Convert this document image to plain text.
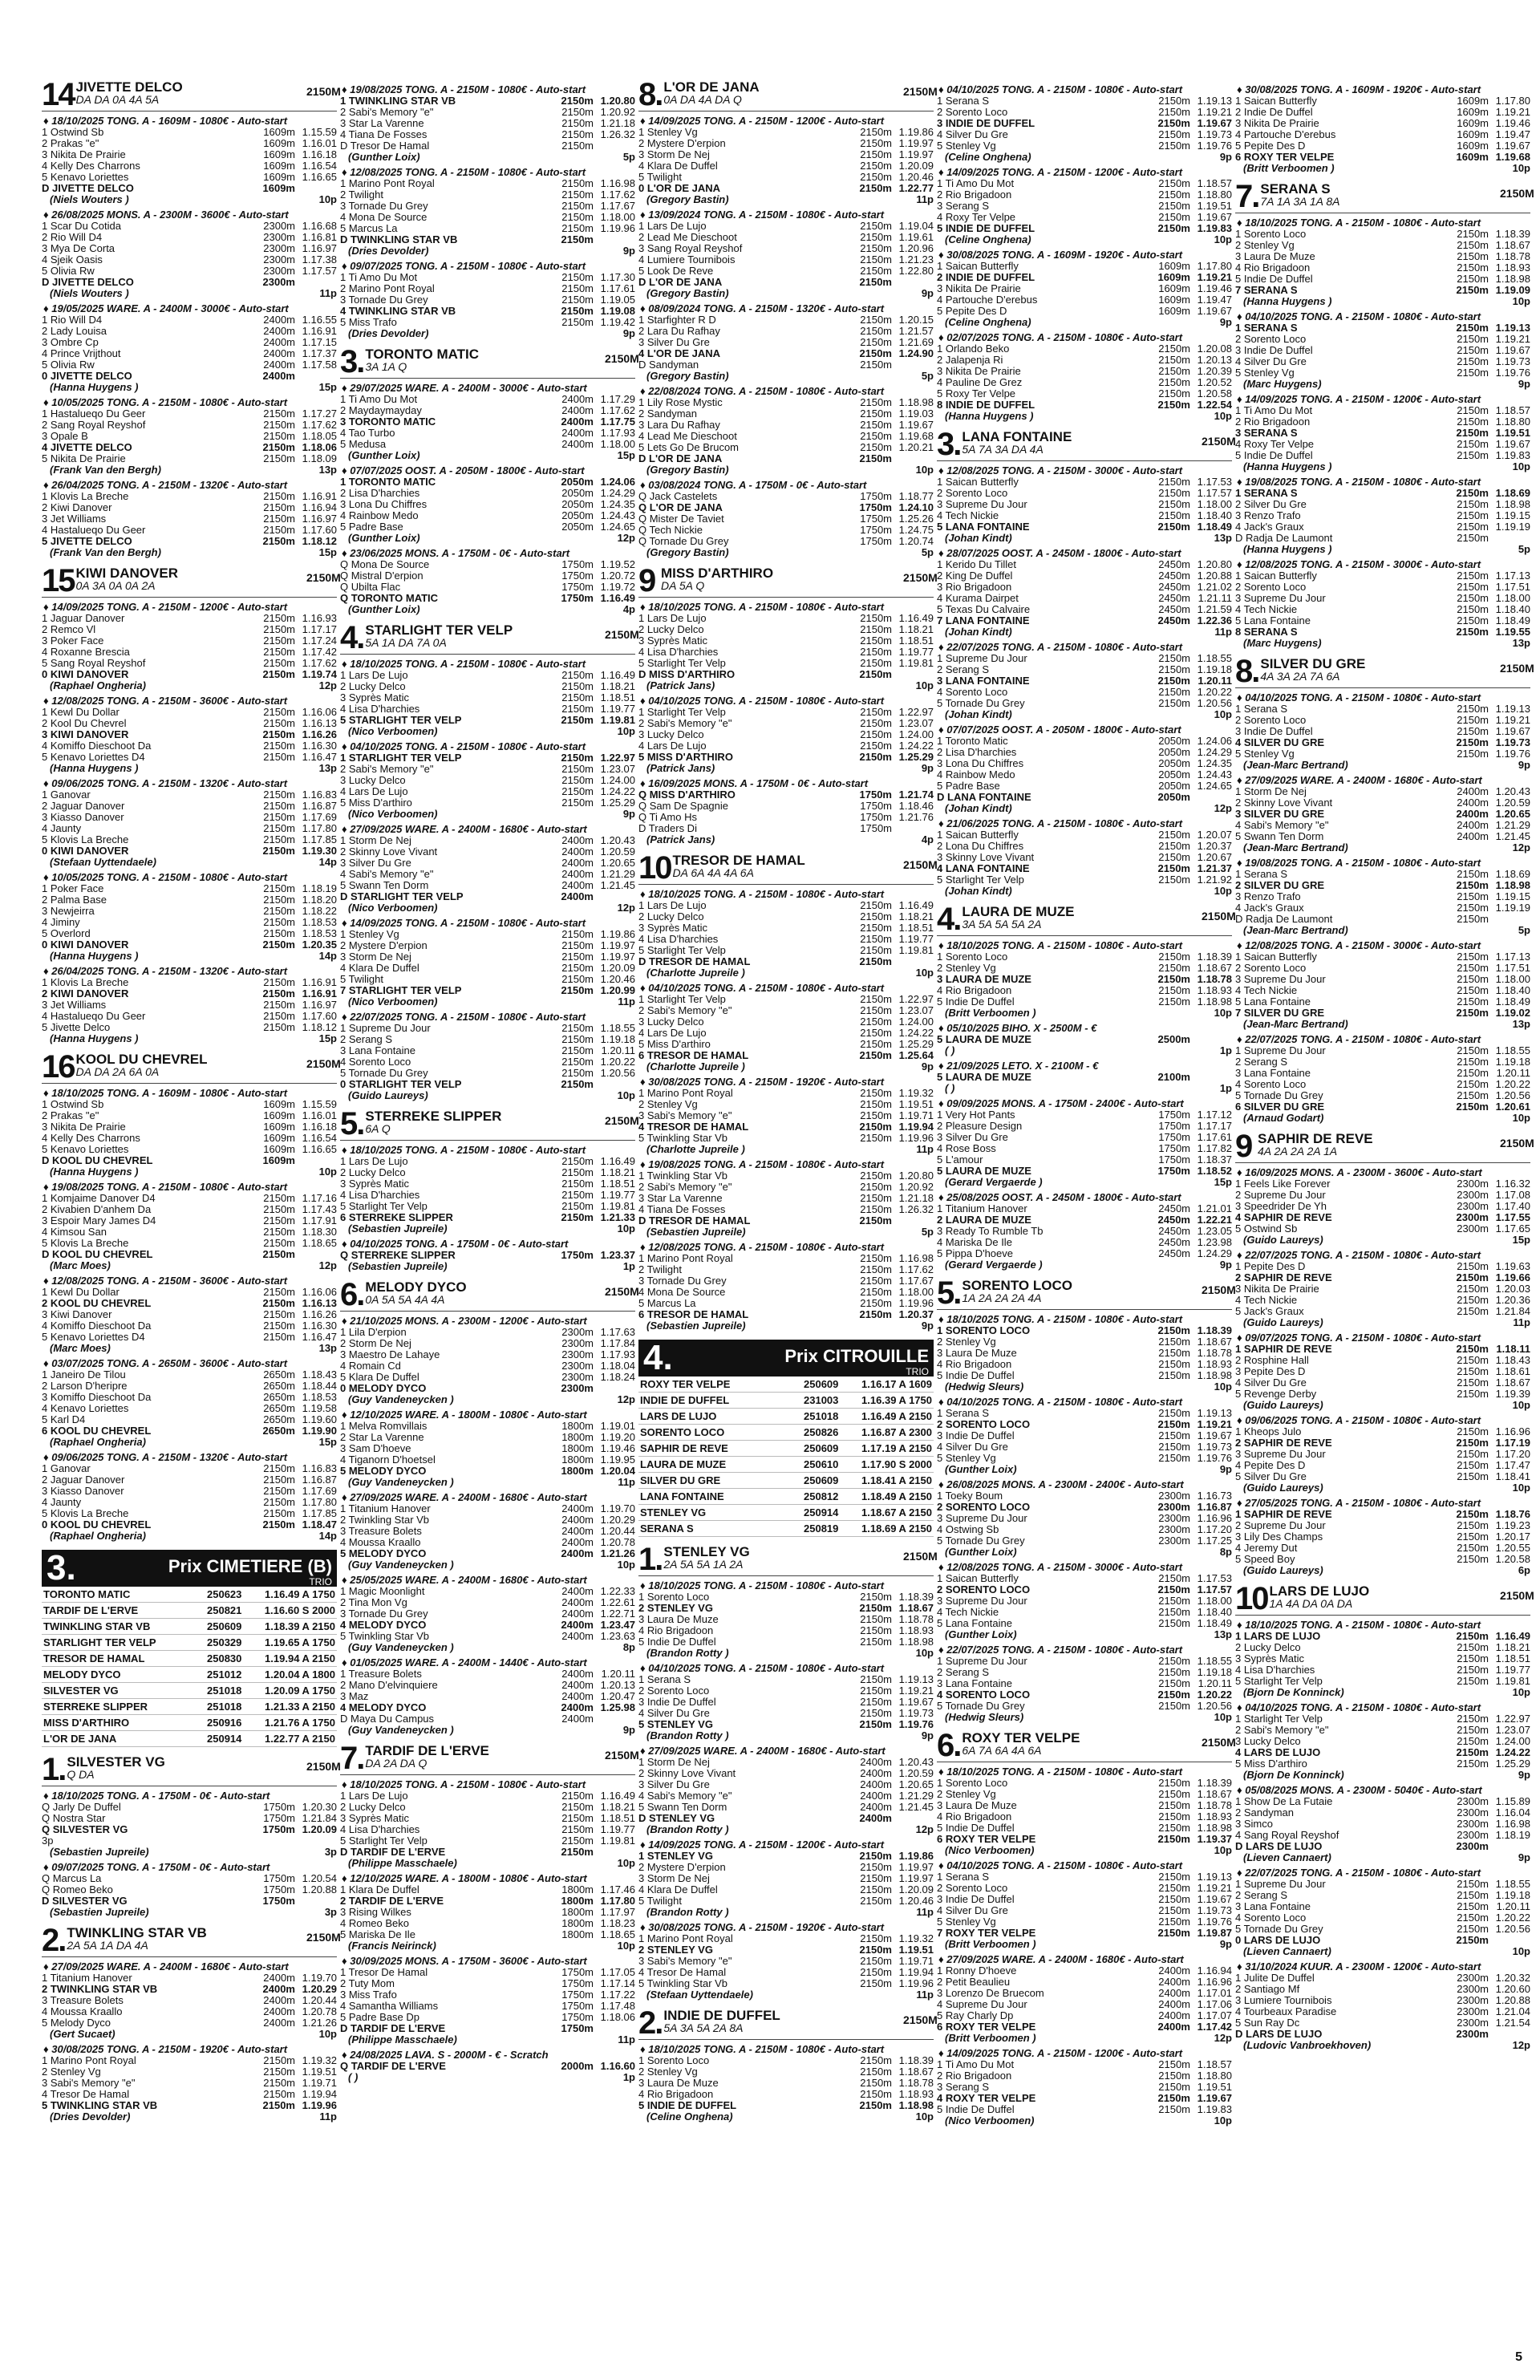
14 JIVETTE DELCO
DA DA 0A 4A 5A
2150M
♦ 18/10/2025 TONG. A - 1609M - 1080€ - Auto-start
1 Ostwind Sb	1609m 1.15.59
2 Prakas "e"	1609m 1.16.01
3 Nikita De Prairie	1609m 1.16.18
4 Kelly Des Charrons	1609m 1.16.54
5 Kenavo Loriettes	1609m 1.16.65
D JIVETTE DELCO	1609m
(Niels Wouters )	10p
♦ 26/08/2025 MONS. A - 2300M - 3600€ - Auto-start
1 Scar Du Cotida	2300m 1.16.68
2 Rio Will D4	2300m 1.16.81
3 Mya De Corta	2300m 1.16.97
4 Sjeik Oasis	2300m 1.17.38
5 Olivia Rw	2300m 1.17.57
D JIVETTE DELCO	2300m
(Niels Wouters )	11p
♦ 19/05/2025 WARE. A - 2400M - 3000€ - Auto-start
1 Rio Will D4	2400m 1.16.55
2 Lady Louisa	2400m 1.16.91
3 Ombre Cp	2400m 1.17.15
4 Prince Vrijthout	2400m 1.17.37
5 Olivia Rw	2400m 1.17.58
0 JIVETTE DELCO	2400m
(Hanna Huygens )	15p
♦ 10/05/2025 TONG. A - 2150M - 1080€ - Auto-start
1 Hastalueqo Du Geer	2150m 1.17.27
2 Sang Royal Reyshof	2150m 1.17.62
3 Opale B	2150m 1.18.05
4 JIVETTE DELCO	2150m 1.18.06
5 Nikita De Prairie	2150m 1.18.09
(Frank Van den Bergh)	13p
♦ 26/04/2025 TONG. A - 2150M - 1320€ - Auto-start
1 Klovis La Breche	2150m 1.16.91
2 Kiwi Danover	2150m 1.16.94
3 Jet Williams	2150m 1.16.97
4 Hastalueqo Du Geer	2150m 1.17.60
5 JIVETTE DELCO	2150m 1.18.12
(Frank Van den Bergh)	15p
15 KIWI DANOVER
0A 3A 0A 0A 2A
2150M
♦ 14/09/2025 TONG. A - 2150M - 1200€ - Auto-start
1 Jaguar Danover	2150m 1.16.93
2 Remco Vl	2150m 1.17.17
3 Poker Face	2150m 1.17.24
4 Roxanne Brescia	2150m 1.17.42
5 Sang Royal Reyshof	2150m 1.17.62
0 KIWI DANOVER	2150m 1.19.74
(Raphael Ongheria)	12p
♦ 12/08/2025 TONG. A - 2150M - 3600€ - Auto-start
1 Kewl Du Dollar	2150m 1.16.06
2 Kool Du Chevrel	2150m 1.16.13
3 KIWI DANOVER	2150m 1.16.26
4 Komiffo Dieschoot Da	2150m 1.16.30
5 Kenavo Loriettes D4	2150m 1.16.47
(Hanna Huygens )	13p
♦ 09/06/2025 TONG. A - 2150M - 1320€ - Auto-start
1 Ganovar	2150m 1.16.83
2 Jaguar Danover	2150m 1.16.87
3 Kiasso Danover	2150m 1.17.69
4 Jaunty	2150m 1.17.80
5 Klovis La Breche	2150m 1.17.85
0 KIWI DANOVER	2150m 1.19.30
(Stefaan Uyttendaele)	14p
♦ 10/05/2025 TONG. A - 2150M - 1080€ - Auto-start
1 Poker Face	2150m 1.18.19
2 Palma Base	2150m 1.18.20
3 Newjeirra	2150m 1.18.22
4 Jiminy	2150m 1.18.53
5 Overlord	2150m 1.18.53
0 KIWI DANOVER	2150m 1.20.35
(Hanna Huygens )	14p
♦ 26/04/2025 TONG. A - 2150M - 1320€ - Auto-start
1 Klovis La Breche	2150m 1.16.91
2 KIWI DANOVER	2150m 1.16.91
3 Jet Williams	2150m 1.16.97
4 Hastalueqo Du Geer	2150m 1.17.60
5 Jivette Delco	2150m 1.18.12
(Hanna Huygens )	15p
16 KOOL DU CHEVREL
DA DA 2A 6A 0A
2150M
♦ 18/10/2025 TONG. A - 1609M - 1080€ - Auto-start
1 Ostwind Sb	1609m 1.15.59
2 Prakas "e"	1609m 1.16.01
3 Nikita De Prairie	1609m 1.16.18
4 Kelly Des Charrons	1609m 1.16.54
5 Kenavo Loriettes	1609m 1.16.65
D KOOL DU CHEVREL	1609m
(Hanna Huygens )	10p
♦ 19/08/2025 TONG. A - 2150M - 1080€ - Auto-start
1 Komjaime Danover D4	2150m 1.17.16
2 Kivabien D'anhem Da	2150m 1.17.43
3 Espoir Mary James D4	2150m 1.17.91
4 Kimsou San	2150m 1.18.30
5 Klovis La Breche	2150m 1.18.65
D KOOL DU CHEVREL	2150m
(Marc Moes)	12p
♦ 12/08/2025 TONG. A - 2150M - 3600€ - Auto-start
1 Kewl Du Dollar	2150m 1.16.06
2 KOOL DU CHEVREL	2150m 1.16.13
3 Kiwi Danover	2150m 1.16.26
4 Komiffo Dieschoot Da	2150m 1.16.30
5 Kenavo Loriettes D4	2150m 1.16.47
(Marc Moes)	13p
♦ 03/07/2025 TONG. A - 2650M - 3600€ - Auto-start
1 Janeiro De Tilou	2650m 1.18.43
2 Larson D'heripre	2650m 1.18.44
3 Komiffo Dieschoot Da	2650m 1.18.53
4 Kenavo Loriettes	2650m 1.19.58
5 Karl D4	2650m 1.19.60
6 KOOL DU CHEVREL	2650m 1.19.90
(Raphael Ongheria)	15p
♦ 09/06/2025 TONG. A - 2150M - 1320€ - Auto-start
1 Ganovar	2150m 1.16.83
2 Jaguar Danover	2150m 1.16.87
3 Kiasso Danover	2150m 1.17.69
4 Jaunty	2150m 1.17.80
5 Klovis La Breche	2150m 1.17.85
0 KOOL DU CHEVREL	2150m 1.18.47
(Raphael Ongheria)	14p
3.	Prix CIMETIERE (B)
TRIO
TORONTO MATIC	250623	1.16.49 A 1750
TARDIF DE L'ERVE	250821	1.16.60 S 2000
TWINKLING STAR VB	250609	1.18.39 A 2150
STARLIGHT TER VELP	250329	1.19.65 A 1750
TRESOR DE HAMAL	250830	1.19.94 A 2150
MELODY DYCO	251012	1.20.04 A 1800
SILVESTER VG	251018	1.20.09 A 1750
STERREKE SLIPPER	251018	1.21.33 A 2150
MISS D'ARTHIRO	250916	1.21.76 A 1750
L'OR DE JANA	250914	1.22.77 A 2150
1. SILVESTER VG
Q DA
2150M
♦ 18/10/2025 TONG. A - 1750M - 0€ - Auto-start
Q Jarly De Duffel	1750m 1.20.30
Q Nostra Star	1750m 1.21.84
Q SILVESTER VG	1750m 1.20.09
3p
(Sebastien Jupreile)	3p
♦ 09/07/2025 TONG. A - 1750M - 0€ - Auto-start
Q Marcus La	1750m 1.20.54
Q Romeo Beko	1750m 1.20.88
D SILVESTER VG	1750m
(Sebastien Jupreile)	3p
2. TWINKLING STAR VB
2A 5A 1A DA 4A
2150M
♦ 27/09/2025 WARE. A - 2400M - 1680€ - Auto-start
1 Titanium Hanover	2400m 1.19.70
2 TWINKLING STAR VB	2400m 1.20.29
3 Treasure Bolets	2400m 1.20.44
4 Moussa Kraallo	2400m 1.20.78
5 Melody Dyco	2400m 1.21.26
(Gert Sucaet)	10p
♦ 30/08/2025 TONG. A - 2150M - 1920€ - Auto-start
1 Marino Pont Royal	2150m 1.19.32
2 Stenley Vg	2150m 1.19.51
3 Sabi's Memory "e"	2150m 1.19.71
4 Tresor De Hamal	2150m 1.19.94
5 TWINKLING STAR VB	2150m 1.19.96
(Dries Devolder)	11p
♦ 19/08/2025 TONG. A - 2150M - 1080€ - Auto-start
1 TWINKLING STAR VB	2150m 1.20.80
2 Sabi's Memory "e"	2150m 1.20.92
3 Star La Varenne	2150m 1.21.18
4 Tiana De Fosses	2150m 1.26.32
D Tresor De Hamal	2150m
(Gunther Loix)	5p
♦ 12/08/2025 TONG. A - 2150M - 1080€ - Auto-start
1 Marino Pont Royal	2150m 1.16.98
2 Twilight	2150m 1.17.62
3 Tornade Du Grey	2150m 1.17.67
4 Mona De Source	2150m 1.18.00
5 Marcus La	2150m 1.19.96
D TWINKLING STAR VB	2150m
(Dries Devolder)	9p
♦ 09/07/2025 TONG. A - 2150M - 1080€ - Auto-start
1 Ti Amo Du Mot	2150m 1.17.30
2 Marino Pont Royal	2150m 1.17.61
3 Tornade Du Grey	2150m 1.19.05
4 TWINKLING STAR VB	2150m 1.19.08
5 Miss Trafo	2150m 1.19.42
(Dries Devolder)	9p
3. TORONTO MATIC
3A 1A Q
2150M
♦ 29/07/2025 WARE. A - 2400M - 3000€ - Auto-start
1 Ti Amo Du Mot	2400m 1.17.29
2 Maydaymayday	2400m 1.17.62
3 TORONTO MATIC	2400m 1.17.75
4 Tao Turbo	2400m 1.17.93
5 Medusa	2400m 1.18.00
(Gunther Loix)	15p
♦ 07/07/2025 OOST. A - 2050M - 1800€ - Auto-start
1 TORONTO MATIC	2050m 1.24.06
2 Lisa D'harchies	2050m 1.24.29
3 Lona Du Chiffres	2050m 1.24.35
4 Rainbow Medo	2050m 1.24.43
5 Padre Base	2050m 1.24.65
(Gunther Loix)	12p
♦ 23/06/2025 MONS. A - 1750M - 0€ - Auto-start
Q Mona De Source	1750m 1.19.52
Q Mistral D'erpion	1750m 1.20.72
Q Ubilta Flac	1750m 1.19.72
Q TORONTO MATIC	1750m 1.16.49
(Gunther Loix)	4p
4. STARLIGHT TER VELP
5A 1A DA 7A 0A
2150M
♦ 18/10/2025 TONG. A - 2150M - 1080€ - Auto-start
1 Lars De Lujo	2150m 1.16.49
2 Lucky Delco	2150m 1.18.21
3 Syprès Matic	2150m 1.18.51
4 Lisa D'harchies	2150m 1.19.77
5 STARLIGHT TER VELP	2150m 1.19.81
(Nico Verboomen)	10p
♦ 04/10/2025 TONG. A - 2150M - 1080€ - Auto-start
1 STARLIGHT TER VELP	2150m 1.22.97
2 Sabi's Memory "e"	2150m 1.23.07
3 Lucky Delco	2150m 1.24.00
4 Lars De Lujo	2150m 1.24.22
5 Miss D'arthiro	2150m 1.25.29
(Nico Verboomen)	9p
♦ 27/09/2025 WARE. A - 2400M - 1680€ - Auto-start
1 Storm De Nej	2400m 1.20.43
2 Skinny Love Vivant	2400m 1.20.59
3 Silver Du Gre	2400m 1.20.65
4 Sabi's Memory "e"	2400m 1.21.29
5 Swann Ten Dorm	2400m 1.21.45
D STARLIGHT TER VELP	2400m
(Nico Verboomen)	12p
♦ 14/09/2025 TONG. A - 2150M - 1080€ - Auto-start
1 Stenley Vg	2150m 1.19.86
2 Mystere D'erpion	2150m 1.19.97
3 Storm De Nej	2150m 1.19.97
4 Klara De Duffel	2150m 1.20.09
5 Twilight	2150m 1.20.46
7 STARLIGHT TER VELP	2150m 1.20.99
(Nico Verboomen)	11p
♦ 22/07/2025 TONG. A - 2150M - 1080€ - Auto-start
1 Supreme Du Jour	2150m 1.18.55
2 Serang S	2150m 1.19.18
3 Lana Fontaine	2150m 1.20.11
4 Sorento Loco	2150m 1.20.22
5 Tornade Du Grey	2150m 1.20.56
0 STARLIGHT TER VELP	2150m
(Guido Laureys)	10p
5. STERREKE SLIPPER
6A Q
2150M
♦ 18/10/2025 TONG. A - 2150M - 1080€ - Auto-start
1 Lars De Lujo	2150m 1.16.49
2 Lucky Delco	2150m 1.18.21
3 Syprès Matic	2150m 1.18.51
4 Lisa D'harchies	2150m 1.19.77
5 Starlight Ter Velp	2150m 1.19.81
6 STERREKE SLIPPER	2150m 1.21.33
(Sebastien Jupreile)	10p
♦ 04/10/2025 TONG. A - 1750M - 0€ - Auto-start
Q STERREKE SLIPPER	1750m 1.23.37
(Sebastien Jupreile)	1p
6. MELODY DYCO
0A 5A 5A 4A 4A
2150M
♦ 21/10/2025 MONS. A - 2300M - 1200€ - Auto-start
1 Lila D'erpion	2300m 1.17.63
2 Storm De Nej	2300m 1.17.84
3 Maestro De Lahaye	2300m 1.17.93
4 Romain Cd	2300m 1.18.04
5 Klara De Duffel	2300m 1.18.24
0 MELODY DYCO	2300m
(Guy Vandeneycken )	12p
♦ 12/10/2025 WARE. A - 1800M - 1080€ - Auto-start
1 Melva Romvillais	1800m 1.19.01
2 Star La Varenne	1800m 1.19.20
3 Sam D'hoeve	1800m 1.19.46
4 Tiganorn D'hoetsel	1800m 1.19.95
5 MELODY DYCO	1800m 1.20.04
(Guy Vandeneycken )	11p
♦ 27/09/2025 WARE. A - 2400M - 1680€ - Auto-start
1 Titanium Hanover	2400m 1.19.70
2 Twinkling Star Vb	2400m 1.20.29
3 Treasure Bolets	2400m 1.20.44
4 Moussa Kraallo	2400m 1.20.78
5 MELODY DYCO	2400m 1.21.26
(Guy Vandeneycken )	10p
♦ 25/05/2025 WARE. A - 2400M - 1680€ - Auto-start
1 Magic Moonlight	2400m 1.22.33
2 Tina Mon Vg	2400m 1.22.61
3 Tornade Du Grey	2400m 1.22.71
4 MELODY DYCO	2400m 1.23.47
5 Twinkling Star Vb	2400m 1.23.63
(Guy Vandeneycken )	8p
♦ 01/05/2025 WARE. A - 2400M - 1440€ - Auto-start
1 Treasure Bolets	2400m 1.20.11
2 Mano D'elvinquiere	2400m 1.20.13
3 Maz	2400m 1.20.47
4 MELODY DYCO	2400m 1.25.98
D Maya Du Campus	2400m
(Guy Vandeneycken )	9p
7. TARDIF DE L'ERVE
DA 2A DA Q
2150M
♦ 18/10/2025 TONG. A - 2150M - 1080€ - Auto-start
1 Lars De Lujo	2150m 1.16.49
2 Lucky Delco	2150m 1.18.21
3 Syprès Matic	2150m 1.18.51
4 Lisa D'harchies	2150m 1.19.77
5 Starlight Ter Velp	2150m 1.19.81
D TARDIF DE L'ERVE	2150m
(Philippe Masschaele)	10p
♦ 12/10/2025 WARE. A - 1800M - 1080€ - Auto-start
1 Klara De Duffel	1800m 1.17.46
2 TARDIF DE L'ERVE	1800m 1.17.80
3 Rising Wilkes	1800m 1.17.97
4 Romeo Beko	1800m 1.18.23
5 Mariska De Ile	1800m 1.18.65
(Francis Neirinck)	10p
♦ 30/09/2025 MONS. A - 1750M - 3600€ - Auto-start
1 Tresor De Hamal	1750m 1.17.05
2 Tuty Mom	1750m 1.17.14
3 Miss Trafo	1750m 1.17.22
4 Samantha Williams	1750m 1.17.48
5 Padre Base Dp	1750m 1.18.06
D TARDIF DE L'ERVE	1750m
(Philippe Masschaele)	11p
♦ 24/08/2025 LAVA. S - 2000M - € - Scratch
Q TARDIF DE L'ERVE	2000m 1.16.60
( )	1p
8. L'OR DE JANA
0A DA 4A DA Q
2150M
♦ 14/09/2025 TONG. A - 2150M - 1200€ - Auto-start
1 Stenley Vg	2150m 1.19.86
2 Mystere D'erpion	2150m 1.19.97
3 Storm De Nej	2150m 1.19.97
4 Klara De Duffel	2150m 1.20.09
5 Twilight	2150m 1.20.46
0 L'OR DE JANA	2150m 1.22.77
(Gregory Bastin)	11p
♦ 13/09/2024 TONG. A - 2150M - 1080€ - Auto-start
1 Lars De Lujo	2150m 1.19.04
2 Lead Me Dieschoot	2150m 1.19.61
3 Sang Royal Reyshof	2150m 1.20.96
4 Lumiere Tournibois	2150m 1.21.23
5 Look De Reve	2150m 1.22.80
D L'OR DE JANA	2150m
(Gregory Bastin)	9p
♦ 08/09/2024 TONG. A - 2150M - 1320€ - Auto-start
1 Starfighter R D	2150m 1.20.15
2 Lara Du Rafhay	2150m 1.21.57
3 Silver Du Gre	2150m 1.21.69
4 L'OR DE JANA	2150m 1.24.90
D Sandyman	2150m
(Gregory Bastin)	5p
♦ 22/08/2024 TONG. A - 2150M - 1080€ - Auto-start
1 Lily Rose Mystic	2150m 1.18.98
2 Sandyman	2150m 1.19.03
3 Lara Du Rafhay	2150m 1.19.67
4 Lead Me Dieschoot	2150m 1.19.68
5 Lets Go De Brucom	2150m 1.20.21
D L'OR DE JANA	2150m
(Gregory Bastin)	10p
♦ 03/08/2024 TONG. A - 1750M - 0€ - Auto-start
Q Jack Castelets	1750m 1.18.77
Q L'OR DE JANA	1750m 1.24.10
Q Mister De Taviet	1750m 1.25.26
Q Tech Nickie	1750m 1.24.75
Q Tornade Du Grey	1750m 1.20.74
(Gregory Bastin)	5p
9 MISS D'ARTHIRO
DA 5A Q
2150M
♦ 18/10/2025 TONG. A - 2150M - 1080€ - Auto-start
1 Lars De Lujo	2150m 1.16.49
2 Lucky Delco	2150m 1.18.21
3 Syprès Matic	2150m 1.18.51
4 Lisa D'harchies	2150m 1.19.77
5 Starlight Ter Velp	2150m 1.19.81
D MISS D'ARTHIRO	2150m
(Patrick Jans)	10p
♦ 04/10/2025 TONG. A - 2150M - 1080€ - Auto-start
1 Starlight Ter Velp	2150m 1.22.97
2 Sabi's Memory "e"	2150m 1.23.07
3 Lucky Delco	2150m 1.24.00
4 Lars De Lujo	2150m 1.24.22
5 MISS D'ARTHIRO	2150m 1.25.29
(Patrick Jans)	9p
♦ 16/09/2025 MONS. A - 1750M - 0€ - Auto-start
Q MISS D'ARTHIRO	1750m 1.21.74
Q Sam De Spagnie	1750m 1.18.46
Q Ti Amo Hs	1750m 1.21.76
D Traders Di	1750m
(Patrick Jans)	4p
10 TRESOR DE HAMAL
DA 6A 4A 4A 6A
2150M
♦ 18/10/2025 TONG. A - 2150M - 1080€ - Auto-start
1 Lars De Lujo	2150m 1.16.49
2 Lucky Delco	2150m 1.18.21
3 Syprès Matic	2150m 1.18.51
4 Lisa D'harchies	2150m 1.19.77
5 Starlight Ter Velp	2150m 1.19.81
D TRESOR DE HAMAL	2150m
(Charlotte Jupreile )	10p
♦ 04/10/2025 TONG. A - 2150M - 1080€ - Auto-start
1 Starlight Ter Velp	2150m 1.22.97
2 Sabi's Memory "e"	2150m 1.23.07
3 Lucky Delco	2150m 1.24.00
4 Lars De Lujo	2150m 1.24.22
5 Miss D'arthiro	2150m 1.25.29
6 TRESOR DE HAMAL	2150m 1.25.64
(Charlotte Jupreile )	9p
♦ 30/08/2025 TONG. A - 2150M - 1920€ - Auto-start
1 Marino Pont Royal	2150m 1.19.32
2 Stenley Vg	2150m 1.19.51
3 Sabi's Memory "e"	2150m 1.19.71
4 TRESOR DE HAMAL	2150m 1.19.94
5 Twinkling Star Vb	2150m 1.19.96
(Charlotte Jupreile )	11p
♦ 19/08/2025 TONG. A - 2150M - 1080€ - Auto-start
1 Twinkling Star Vb	2150m 1.20.80
2 Sabi's Memory "e"	2150m 1.20.92
3 Star La Varenne	2150m 1.21.18
4 Tiana De Fosses	2150m 1.26.32
D TRESOR DE HAMAL	2150m
(Sebastien Jupreile)	5p
♦ 12/08/2025 TONG. A - 2150M - 1080€ - Auto-start
1 Marino Pont Royal	2150m 1.16.98
2 Twilight	2150m 1.17.62
3 Tornade Du Grey	2150m 1.17.67
4 Mona De Source	2150m 1.18.00
5 Marcus La	2150m 1.19.96
6 TRESOR DE HAMAL	2150m 1.20.37
(Sebastien Jupreile)	9p
4.	Prix CITROUILLE
TRIO
ROXY TER VELPE	250609	1.16.17 A 1609
INDIE DE DUFFEL	231003	1.16.39 A 1750
LARS DE LUJO	251018	1.16.49 A 2150
SORENTO LOCO	250826	1.16.87 A 2300
SAPHIR DE REVE	250609	1.17.19 A 2150
LAURA DE MUZE	250610	1.17.90 S 2000
SILVER DU GRE	250609	1.18.41 A 2150
LANA FONTAINE	250812	1.18.49 A 2150
STENLEY VG	250914	1.18.67 A 2150
SERANA S	250819	1.18.69 A 2150
1. STENLEY VG
2A 5A 5A 1A 2A
2150M
♦ 18/10/2025 TONG. A - 2150M - 1080€ - Auto-start
1 Sorento Loco	2150m 1.18.39
2 STENLEY VG	2150m 1.18.67
3 Laura De Muze	2150m 1.18.78
4 Rio Brigadoon	2150m 1.18.93
5 Indie De Duffel	2150m 1.18.98
(Brandon Rotty )	10p
♦ 04/10/2025 TONG. A - 2150M - 1080€ - Auto-start
1 Serana S	2150m 1.19.13
2 Sorento Loco	2150m 1.19.21
3 Indie De Duffel	2150m 1.19.67
4 Silver Du Gre	2150m 1.19.73
5 STENLEY VG	2150m 1.19.76
(Brandon Rotty )	9p
♦ 27/09/2025 WARE. A - 2400M - 1680€ - Auto-start
1 Storm De Nej	2400m 1.20.43
2 Skinny Love Vivant	2400m 1.20.59
3 Silver Du Gre	2400m 1.20.65
4 Sabi's Memory "e"	2400m 1.21.29
5 Swann Ten Dorm	2400m 1.21.45
D STENLEY VG	2400m
(Brandon Rotty )	12p
♦ 14/09/2025 TONG. A - 2150M - 1200€ - Auto-start
1 STENLEY VG	2150m 1.19.86
2 Mystere D'erpion	2150m 1.19.97
3 Storm De Nej	2150m 1.19.97
4 Klara De Duffel	2150m 1.20.09
5 Twilight	2150m 1.20.46
(Brandon Rotty )	11p
♦ 30/08/2025 TONG. A - 2150M - 1920€ - Auto-start
1 Marino Pont Royal	2150m 1.19.32
2 STENLEY VG	2150m 1.19.51
3 Sabi's Memory "e"	2150m 1.19.71
4 Tresor De Hamal	2150m 1.19.94
5 Twinkling Star Vb	2150m 1.19.96
(Stefaan Uyttendaele)	11p
2. INDIE DE DUFFEL
5A 3A 5A 2A 8A
2150M
♦ 18/10/2025 TONG. A - 2150M - 1080€ - Auto-start
1 Sorento Loco	2150m 1.18.39
2 Stenley Vg	2150m 1.18.67
3 Laura De Muze	2150m 1.18.78
4 Rio Brigadoon	2150m 1.18.93
5 INDIE DE DUFFEL	2150m 1.18.98
(Celine Onghena)	10p
♦ 04/10/2025 TONG. A - 2150M - 1080€ - Auto-start
1 Serana S	2150m 1.19.13
2 Sorento Loco	2150m 1.19.21
3 INDIE DE DUFFEL	2150m 1.19.67
4 Silver Du Gre	2150m 1.19.73
5 Stenley Vg	2150m 1.19.76
(Celine Onghena)	9p
♦ 14/09/2025 TONG. A - 2150M - 1200€ - Auto-start
1 Ti Amo Du Mot	2150m 1.18.57
2 Rio Brigadoon	2150m 1.18.80
3 Serang S	2150m 1.19.51
4 Roxy Ter Velpe	2150m 1.19.67
5 INDIE DE DUFFEL	2150m 1.19.83
(Celine Onghena)	10p
♦ 30/08/2025 TONG. A - 1609M - 1920€ - Auto-start
1 Saican Butterfly	1609m 1.17.80
2 INDIE DE DUFFEL	1609m 1.19.21
3 Nikita De Prairie	1609m 1.19.46
4 Partouche D'erebus	1609m 1.19.47
5 Pepite Des D	1609m 1.19.67
(Celine Onghena)	9p
♦ 02/07/2025 TONG. A - 2150M - 1080€ - Auto-start
1 Orlando Beko	2150m 1.20.08
2 Jalapenja Ri	2150m 1.20.13
3 Nikita De Prairie	2150m 1.20.39
4 Pauline De Grez	2150m 1.20.52
5 Roxy Ter Velpe	2150m 1.20.58
8 INDIE DE DUFFEL	2150m 1.22.54
(Hanna Huygens )	10p
3. LANA FONTAINE
5A 7A 3A DA 4A
2150M
♦ 12/08/2025 TONG. A - 2150M - 3000€ - Auto-start
1 Saican Butterfly	2150m 1.17.53
2 Sorento Loco	2150m 1.17.57
3 Supreme Du Jour	2150m 1.18.00
4 Tech Nickie	2150m 1.18.40
5 LANA FONTAINE	2150m 1.18.49
(Johan Kindt)	13p
♦ 28/07/2025 OOST. A - 2450M - 1800€ - Auto-start
1 Kerido Du Tillet	2450m 1.20.80
2 King De Duffel	2450m 1.20.88
3 Rio Brigadoon	2450m 1.21.02
4 Kurama Dairpet	2450m 1.21.11
5 Texas Du Calvaire	2450m 1.21.59
7 LANA FONTAINE	2450m 1.22.36
(Johan Kindt)	11p
♦ 22/07/2025 TONG. A - 2150M - 1080€ - Auto-start
1 Supreme Du Jour	2150m 1.18.55
2 Serang S	2150m 1.19.18
3 LANA FONTAINE	2150m 1.20.11
4 Sorento Loco	2150m 1.20.22
5 Tornade Du Grey	2150m 1.20.56
(Johan Kindt)	10p
♦ 07/07/2025 OOST. A - 2050M - 1800€ - Auto-start
1 Toronto Matic	2050m 1.24.06
2 Lisa D'harchies	2050m 1.24.29
3 Lona Du Chiffres	2050m 1.24.35
4 Rainbow Medo	2050m 1.24.43
5 Padre Base	2050m 1.24.65
D LANA FONTAINE	2050m
(Johan Kindt)	12p
♦ 21/06/2025 TONG. A - 2150M - 1080€ - Auto-start
1 Saican Butterfly	2150m 1.20.07
2 Lona Du Chiffres	2150m 1.20.37
3 Skinny Love Vivant	2150m 1.20.67
4 LANA FONTAINE	2150m 1.21.37
5 Starlight Ter Velp	2150m 1.21.92
(Johan Kindt)	10p
4. LAURA DE MUZE
3A 5A 5A 5A 2A
2150M
♦ 18/10/2025 TONG. A - 2150M - 1080€ - Auto-start
1 Sorento Loco	2150m 1.18.39
2 Stenley Vg	2150m 1.18.67
3 LAURA DE MUZE	2150m 1.18.78
4 Rio Brigadoon	2150m 1.18.93
5 Indie De Duffel	2150m 1.18.98
(Britt Verboomen )	10p
♦ 05/10/2025 BIHO. X - 2500M - €
5 LAURA DE MUZE	2500m
( )	1p
♦ 21/09/2025 LETO. X - 2100M - €
5 LAURA DE MUZE	2100m
( )	1p
♦ 09/09/2025 MONS. A - 1750M - 2400€ - Auto-start
1 Very Hot Pants	1750m 1.17.12
2 Pleasure Design	1750m 1.17.17
3 Silver Du Gre	1750m 1.17.61
4 Rose Boss	1750m 1.17.82
5 L'amour	1750m 1.18.37
5 LAURA DE MUZE	1750m 1.18.52
(Gerard Vergaerde )	15p
♦ 25/08/2025 OOST. A - 2450M - 1800€ - Auto-start
1 Titanium Hanover	2450m 1.21.01
2 LAURA DE MUZE	2450m 1.22.21
3 Ready To Rumble Tb	2450m 1.23.05
4 Mariska De Ile	2450m 1.23.98
5 Pippa D'hoeve	2450m 1.24.29
(Gerard Vergaerde )	9p
5. SORENTO LOCO
1A 2A 2A 2A 4A
2150M
♦ 18/10/2025 TONG. A - 2150M - 1080€ - Auto-start
1 SORENTO LOCO	2150m 1.18.39
2 Stenley Vg	2150m 1.18.67
3 Laura De Muze	2150m 1.18.78
4 Rio Brigadoon	2150m 1.18.93
5 Indie De Duffel	2150m 1.18.98
(Hedwig Sleurs)	10p
♦ 04/10/2025 TONG. A - 2150M - 1080€ - Auto-start
1 Serana S	2150m 1.19.13
2 SORENTO LOCO	2150m 1.19.21
3 Indie De Duffel	2150m 1.19.67
4 Silver Du Gre	2150m 1.19.73
5 Stenley Vg	2150m 1.19.76
(Gunther Loix)	9p
♦ 26/08/2025 MONS. A - 2300M - 2400€ - Auto-start
1 Toeky Boum	2300m 1.16.73
2 SORENTO LOCO	2300m 1.16.87
3 Supreme Du Jour	2300m 1.16.96
4 Ostwing Sb	2300m 1.17.20
5 Tornade Du Grey	2300m 1.17.25
(Gunther Loix)	8p
♦ 12/08/2025 TONG. A - 2150M - 3000€ - Auto-start
1 Saican Butterfly	2150m 1.17.53
2 SORENTO LOCO	2150m 1.17.57
3 Supreme Du Jour	2150m 1.18.00
4 Tech Nickie	2150m 1.18.40
5 Lana Fontaine	2150m 1.18.49
(Gunther Loix)	13p
♦ 22/07/2025 TONG. A - 2150M - 1080€ - Auto-start
1 Supreme Du Jour	2150m 1.18.55
2 Serang S	2150m 1.19.18
3 Lana Fontaine	2150m 1.20.11
4 SORENTO LOCO	2150m 1.20.22
5 Tornade Du Grey	2150m 1.20.56
(Hedwig Sleurs)	10p
6. ROXY TER VELPE
6A 7A 6A 4A 6A
2150M
♦ 18/10/2025 TONG. A - 2150M - 1080€ - Auto-start
1 Sorento Loco	2150m 1.18.39
2 Stenley Vg	2150m 1.18.67
3 Laura De Muze	2150m 1.18.78
4 Rio Brigadoon	2150m 1.18.93
5 Indie De Duffel	2150m 1.18.98
6 ROXY TER VELPE	2150m 1.19.37
(Nico Verboomen)	10p
♦ 04/10/2025 TONG. A - 2150M - 1080€ - Auto-start
1 Serana S	2150m 1.19.13
2 Sorento Loco	2150m 1.19.21
3 Indie De Duffel	2150m 1.19.67
4 Silver Du Gre	2150m 1.19.73
5 Stenley Vg	2150m 1.19.76
7 ROXY TER VELPE	2150m 1.19.87
(Britt Verboomen )	9p
♦ 27/09/2025 WARE. A - 2400M - 1680€ - Auto-start
1 Ronny D'hoeve	2400m 1.16.94
2 Petit Beaulieu	2400m 1.16.96
3 Lorenzo De Bruecom	2400m 1.17.01
4 Supreme Du Jour	2400m 1.17.06
5 Ray Charly Dp	2400m 1.17.07
6 ROXY TER VELPE	2400m 1.17.42
(Britt Verboomen )	12p
♦ 14/09/2025 TONG. A - 2150M - 1200€ - Auto-start
1 Ti Amo Du Mot	2150m 1.18.57
2 Rio Brigadoon	2150m 1.18.80
3 Serang S	2150m 1.19.51
4 ROXY TER VELPE	2150m 1.19.67
5 Indie De Duffel	2150m 1.19.83
(Nico Verboomen)	10p
♦ 30/08/2025 TONG. A - 1609M - 1920€ - Auto-start
1 Saican Butterfly	1609m 1.17.80
2 Indie De Duffel	1609m 1.19.21
3 Nikita De Prairie	1609m 1.19.46
4 Partouche D'erebus	1609m 1.19.47
5 Pepite Des D	1609m 1.19.67
6 ROXY TER VELPE	1609m 1.19.68
(Britt Verboomen )	10p
7. SERANA S
7A 1A 3A 1A 8A
2150M
♦ 18/10/2025 TONG. A - 2150M - 1080€ - Auto-start
1 Sorento Loco	2150m 1.18.39
2 Stenley Vg	2150m 1.18.67
3 Laura De Muze	2150m 1.18.78
4 Rio Brigadoon	2150m 1.18.93
5 Indie De Duffel	2150m 1.18.98
7 SERANA S	2150m 1.19.09
(Hanna Huygens )	10p
♦ 04/10/2025 TONG. A - 2150M - 1080€ - Auto-start
1 SERANA S	2150m 1.19.13
2 Sorento Loco	2150m 1.19.21
3 Indie De Duffel	2150m 1.19.67
4 Silver Du Gre	2150m 1.19.73
5 Stenley Vg	2150m 1.19.76
(Marc Huygens)	9p
♦ 14/09/2025 TONG. A - 2150M - 1200€ - Auto-start
1 Ti Amo Du Mot	2150m 1.18.57
2 Rio Brigadoon	2150m 1.18.80
3 SERANA S	2150m 1.19.51
4 Roxy Ter Velpe	2150m 1.19.67
5 Indie De Duffel	2150m 1.19.83
(Hanna Huygens )	10p
♦ 19/08/2025 TONG. A - 2150M - 1080€ - Auto-start
1 SERANA S	2150m 1.18.69
2 Silver Du Gre	2150m 1.18.98
3 Renzo Trafo	2150m 1.19.15
4 Jack's Graux	2150m 1.19.19
D Radja De Laumont	2150m
(Hanna Huygens )	5p
♦ 12/08/2025 TONG. A - 2150M - 3000€ - Auto-start
1 Saican Butterfly	2150m 1.17.13
2 Sorento Loco	2150m 1.17.51
3 Supreme Du Jour	2150m 1.18.00
4 Tech Nickie	2150m 1.18.40
5 Lana Fontaine	2150m 1.18.49
8 SERANA S	2150m 1.19.55
(Marc Huygens)	13p
8. SILVER DU GRE
4A 3A 2A 7A 6A
2150M
♦ 04/10/2025 TONG. A - 2150M - 1080€ - Auto-start
1 Serana S	2150m 1.19.13
2 Sorento Loco	2150m 1.19.21
3 Indie De Duffel	2150m 1.19.67
4 SILVER DU GRE	2150m 1.19.73
5 Stenley Vg	2150m 1.19.76
(Jean-Marc Bertrand)	9p
♦ 27/09/2025 WARE. A - 2400M - 1680€ - Auto-start
1 Storm De Nej	2400m 1.20.43
2 Skinny Love Vivant	2400m 1.20.59
3 SILVER DU GRE	2400m 1.20.65
4 Sabi's Memory "e"	2400m 1.21.29
5 Swann Ten Dorm	2400m 1.21.45
(Jean-Marc Bertrand)	12p
♦ 19/08/2025 TONG. A - 2150M - 1080€ - Auto-start
1 Serana S	2150m 1.18.69
2 SILVER DU GRE	2150m 1.18.98
3 Renzo Trafo	2150m 1.19.15
4 Jack's Graux	2150m 1.19.19
D Radja De Laumont	2150m
(Jean-Marc Bertrand)	5p
♦ 12/08/2025 TONG. A - 2150M - 3000€ - Auto-start
1 Saican Butterfly	2150m 1.17.13
2 Sorento Loco	2150m 1.17.51
3 Supreme Du Jour	2150m 1.18.00
4 Tech Nickie	2150m 1.18.40
5 Lana Fontaine	2150m 1.18.49
7 SILVER DU GRE	2150m 1.19.02
(Jean-Marc Bertrand)	13p
♦ 22/07/2025 TONG. A - 2150M - 1080€ - Auto-start
1 Supreme Du Jour	2150m 1.18.55
2 Serang S	2150m 1.19.18
3 Lana Fontaine	2150m 1.20.11
4 Sorento Loco	2150m 1.20.22
5 Tornade Du Grey	2150m 1.20.56
6 SILVER DU GRE	2150m 1.20.61
(Arnaud Godart)	10p
9 SAPHIR DE REVE
4A 2A 2A 2A 1A
2150M
♦ 16/09/2025 MONS. A - 2300M - 3600€ - Auto-start
1 Feels Like Forever	2300m 1.16.32
2 Supreme Du Jour	2300m 1.17.08
3 Speedrider De Yh	2300m 1.17.40
4 SAPHIR DE REVE	2300m 1.17.55
5 Ostwind Sb	2300m 1.17.65
(Guido Laureys)	15p
♦ 22/07/2025 TONG. A - 2150M - 1080€ - Auto-start
1 Pepite Des D	2150m 1.19.63
2 SAPHIR DE REVE	2150m 1.19.66
3 Nikita De Prairie	2150m 1.20.03
4 Tech Nickie	2150m 1.20.36
5 Jack's Graux	2150m 1.21.84
(Guido Laureys)	11p
♦ 09/07/2025 TONG. A - 2150M - 1080€ - Auto-start
1 SAPHIR DE REVE	2150m 1.18.11
2 Rosphine Hall	2150m 1.18.43
3 Pepite Des D	2150m 1.18.61
4 Silver Du Gre	2150m 1.18.67
5 Revenge Derby	2150m 1.19.39
(Guido Laureys)	10p
♦ 09/06/2025 TONG. A - 2150M - 1080€ - Auto-start
1 Kheops Julo	2150m 1.16.96
2 SAPHIR DE REVE	2150m 1.17.19
3 Supreme Du Jour	2150m 1.17.20
4 Pepite Des D	2150m 1.17.47
5 Silver Du Gre	2150m 1.18.41
(Guido Laureys)	10p
♦ 27/05/2025 TONG. A - 2150M - 1080€ - Auto-start
1 SAPHIR DE REVE	2150m 1.18.76
2 Supreme Du Jour	2150m 1.19.23
3 Lily Des Champs	2150m 1.20.17
4 Jeremy Dut	2150m 1.20.55
5 Speed Boy	2150m 1.20.58
(Guido Laureys)	6p
10 LARS DE LUJO
1A 4A DA 0A DA
2150M
♦ 18/10/2025 TONG. A - 2150M - 1080€ - Auto-start
1 LARS DE LUJO	2150m 1.16.49
2 Lucky Delco	2150m 1.18.21
3 Syprès Matic	2150m 1.18.51
4 Lisa D'harchies	2150m 1.19.77
5 Starlight Ter Velp	2150m 1.19.81
(Bjorn De Konninck)	10p
♦ 04/10/2025 TONG. A - 2150M - 1080€ - Auto-start
1 Starlight Ter Velp	2150m 1.22.97
2 Sabi's Memory "e"	2150m 1.23.07
3 Lucky Delco	2150m 1.24.00
4 LARS DE LUJO	2150m 1.24.22
5 Miss D'arthiro	2150m 1.25.29
(Bjorn De Konninck)	9p
♦ 05/08/2025 MONS. A - 2300M - 5040€ - Auto-start
1 Show De La Futaie	2300m 1.15.89
2 Sandyman	2300m 1.16.04
3 Simco	2300m 1.16.98
4 Sang Royal Reyshof	2300m 1.18.19
D LARS DE LUJO	2300m
(Lieven Cannaert)	9p
♦ 22/07/2025 TONG. A - 2150M - 1080€ - Auto-start
1 Supreme Du Jour	2150m 1.18.55
2 Serang S	2150m 1.19.18
3 Lana Fontaine	2150m 1.20.11
4 Sorento Loco	2150m 1.20.22
5 Tornade Du Grey	2150m 1.20.56
0 LARS DE LUJO	2150m
(Lieven Cannaert)	10p
♦ 31/10/2024 KUUR. A - 2300M - 1200€ - Auto-start
1 Julite De Duffel	2300m 1.20.32
2 Santiago Mf	2300m 1.20.60
3 Lumiere Tournibois	2300m 1.20.88
4 Tourbeaux Paradise	2300m 1.21.04
5 Sun Ray Dc	2300m 1.21.54
D LARS DE LUJO	2300m
(Ludovic Vanbroekhoven)	12p
5
